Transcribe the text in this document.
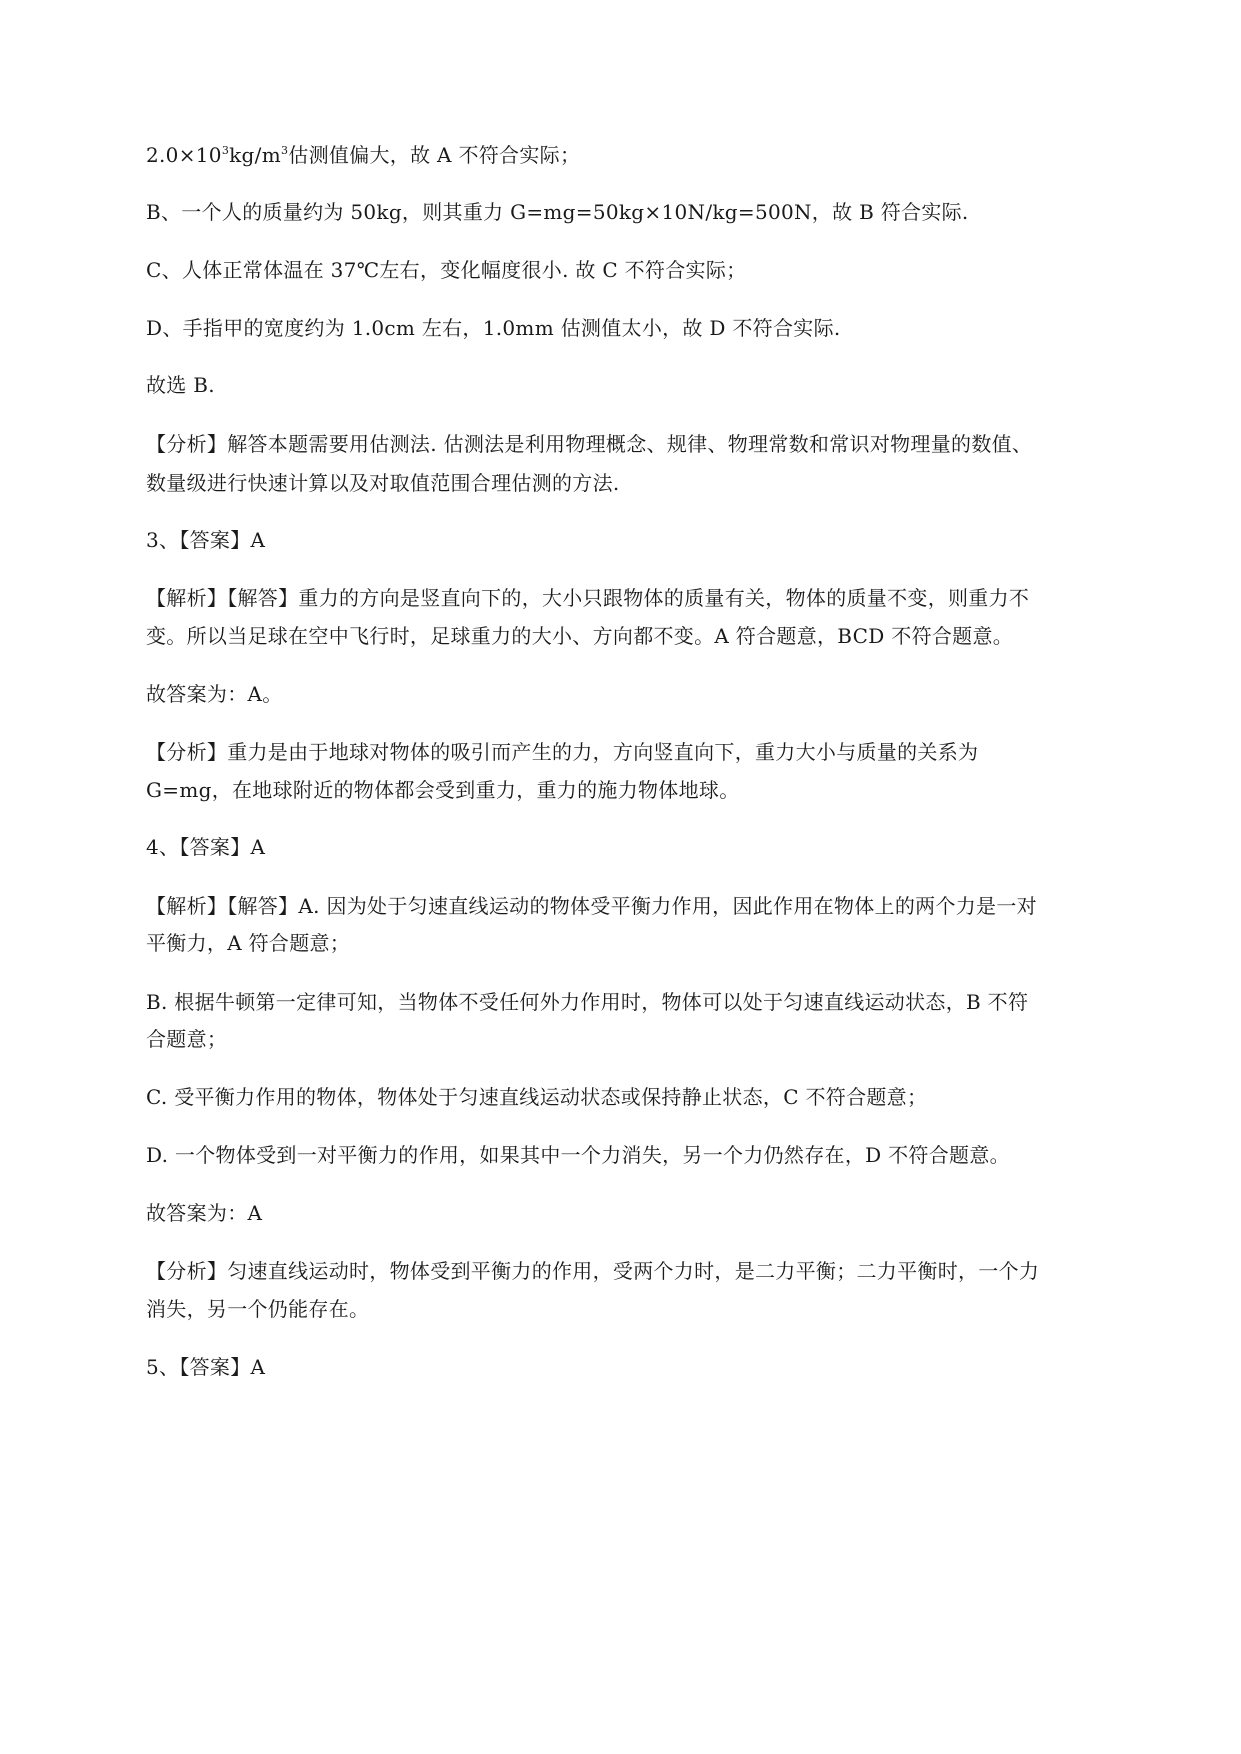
$2.0\times 10^3kg/m^3$估测值偏大，故 A 不符合实际；

B、一个人的质量约为 50kg，则其重力 G=mg=50kg×10N/kg=500N，故 B 符合实际.

C、人体正常体温在 37℃左右，变化幅度很小. 故 C 不符合实际；

D、手指甲的宽度约为 1.0cm 左右，1.0mm 估测值太小，故 D 不符合实际.

故选 B.

【分析】解答本题需要用估测法. 估测法是利用物理概念、规律、物理常数和常识对物理量的数值、

数量级进行快速计算以及对取值范围合理估测的方法.

3、【答案】A

【解析】【解答】重力的方向是竖直向下的，大小只跟物体的质量有关，物体的质量不变，则重力不

变。所以当足球在空中飞行时，足球重力的大小、方向都不变。A 符合题意，BCD 不符合题意。

故答案为：A。

【分析】重力是由于地球对物体的吸引而产生的力，方向竖直向下，重力大小与质量的关系为

G=mg，在地球附近的物体都会受到重力，重力的施力物体地球。

4、【答案】A

【解析】【解答】A. 因为处于匀速直线运动的物体受平衡力作用，因此作用在物体上的两个力是一对

平衡力，A 符合题意；

B. 根据牛顿第一定律可知，当物体不受任何外力作用时，物体可以处于匀速直线运动状态，B 不符

合题意；

C. 受平衡力作用的物体，物体处于匀速直线运动状态或保持静止状态，C 不符合题意；

D. 一个物体受到一对平衡力的作用，如果其中一个力消失，另一个力仍然存在，D 不符合题意。

故答案为：A

【分析】匀速直线运动时，物体受到平衡力的作用，受两个力时，是二力平衡；二力平衡时，一个力

消失，另一个仍能存在。

5、【答案】A
